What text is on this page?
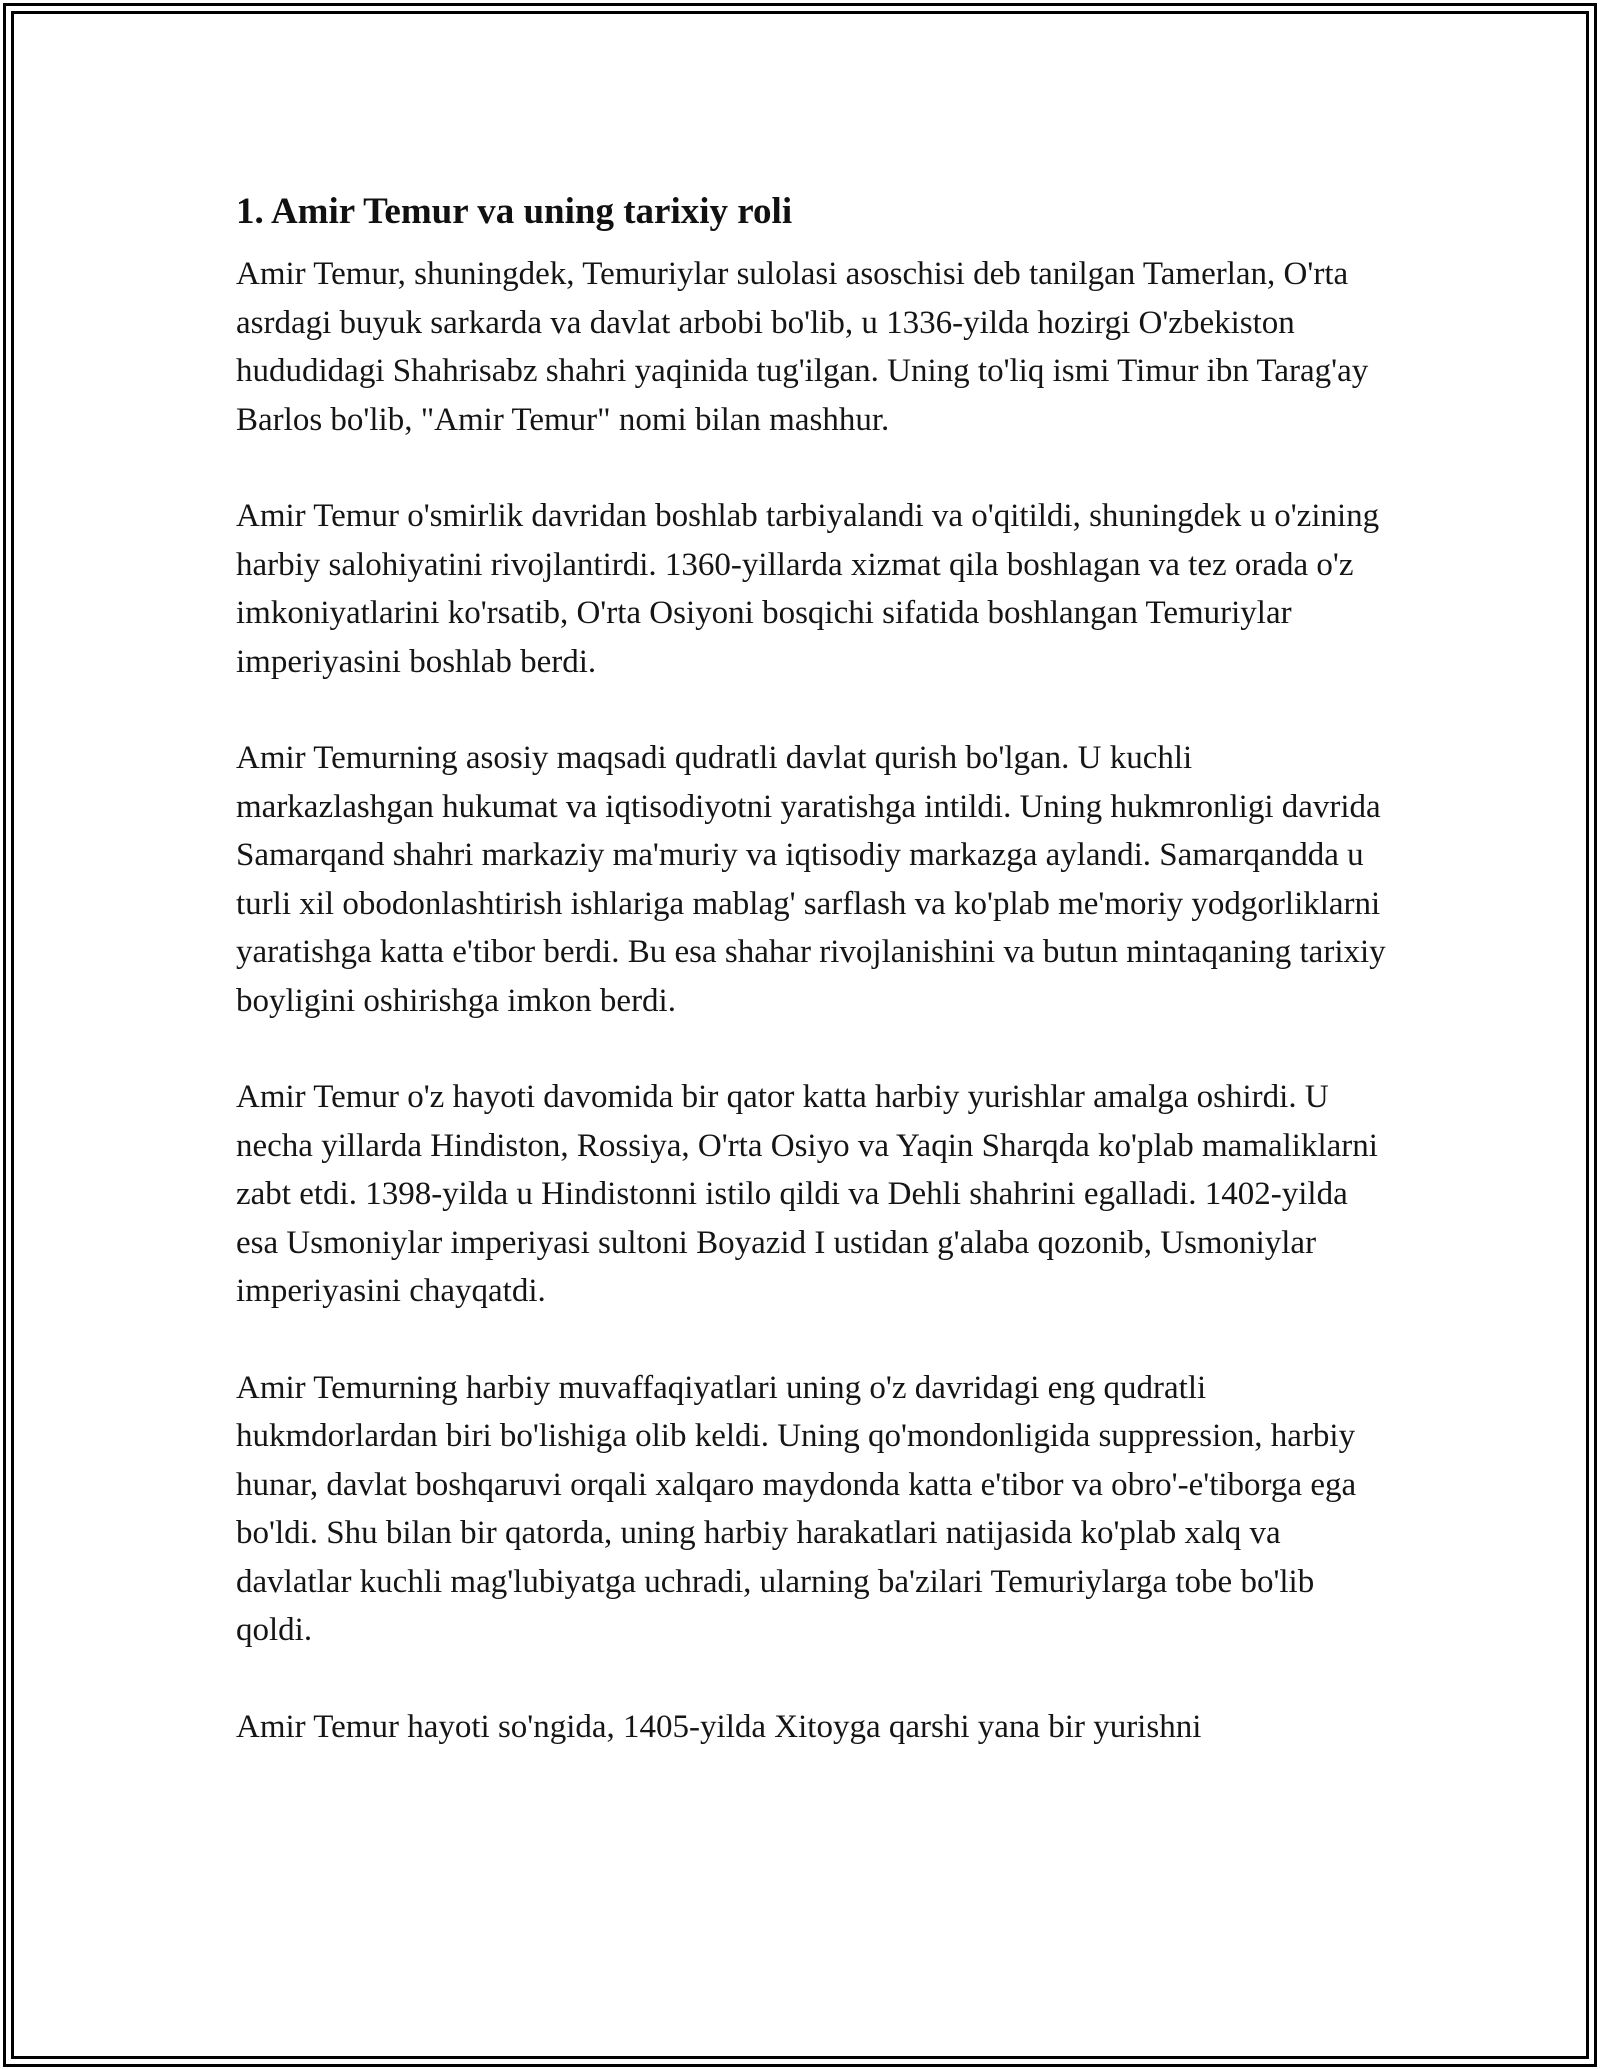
1. Amir Temur va uning tarixiy roli

Amir Temur, shuningdek, Temuriylar sulolasi asoschisi deb tanilgan Tamerlan, O'rta asrdagi buyuk sarkarda va davlat arbobi bo'lib, u 1336-yilda hozirgi O'zbekiston hududidagi Shahrisabz shahri yaqinida tug'ilgan. Uning to'liq ismi Timur ibn Tarag'ay Barlos bo'lib, "Amir Temur" nomi bilan mashhur.

Amir Temur o'smirlik davridan boshlab tarbiyalandi va o'qitildi, shuningdek u o'zining harbiy salohiyatini rivojlantirdi. 1360-yillarda xizmat qila boshlagan va tez orada o'z imkoniyatlarini ko'rsatib, O'rta Osiyoni bosqichi sifatida boshlangan Temuriylar imperiyasini boshlab berdi.

Amir Temurning asosiy maqsadi qudratli davlat qurish bo'lgan. U kuchli markazlashgan hukumat va iqtisodiyotni yaratishga intildi. Uning hukmronligi davrida Samarqand shahri markaziy ma'muriy va iqtisodiy markazga aylandi. Samarqandda u turli xil obodonlashtirish ishlariga mablag' sarflash va ko'plab me'moriy yodgorliklarni yaratishga katta e'tibor berdi. Bu esa shahar rivojlanishini va butun mintaqaning tarixiy boyligini oshirishga imkon berdi.

Amir Temur o'z hayoti davomida bir qator katta harbiy yurishlar amalga oshirdi. U necha yillarda Hindiston, Rossiya, O'rta Osiyo va Yaqin Sharqda ko'plab mamaliklarni zabt etdi. 1398-yilda u Hindistonni istilo qildi va Dehli shahrini egalladi. 1402-yilda esa Usmoniylar imperiyasi sultoni Boyazid I ustidan g'alaba qozonib, Usmoniylar imperiyasini chayqatdi.

Amir Temurning harbiy muvaffaqiyatlari uning o'z davridagi eng qudratli hukmdorlardan biri bo'lishiga olib keldi. Uning qo'mondonligida suppression, harbiy hunar, davlat boshqaruvi orqali xalqaro maydonda katta e'tibor va obro'-e'tiborga ega bo'ldi. Shu bilan bir qatorda, uning harbiy harakatlari natijasida ko'plab xalq va davlatlar kuchli mag'lubiyatga uchradi, ularning ba'zilari Temuriylarga tobe bo'lib qoldi.

Amir Temur hayoti so'ngida, 1405-yilda Xitoyga qarshi yana bir yurishni
